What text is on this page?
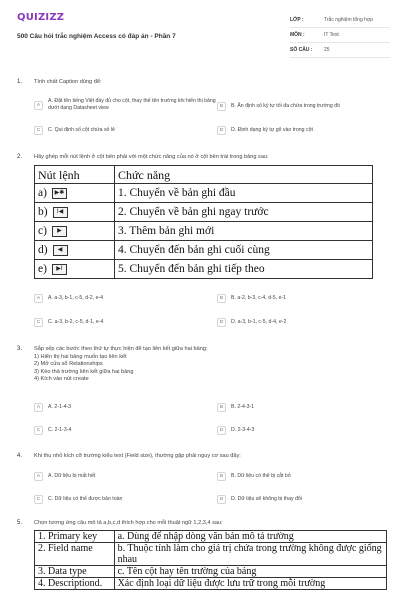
QUIZIZZ
500 Câu hỏi trắc nghiệm Access có đáp án - Phần 7
LỚP :	Trắc nghiệm tổng hợp
MÔN :	IT Test
SỐ CÂU :	25
1. Tính chất Caption dùng để:
A
A. Đặt tên tiếng Việt đầy đủ cho cột, thay thế tên trường khi hiển thị bảng dưới dạng Datasheet view	B	B. Ấn định số ký tự tối đa chứa trong trường đó
C	C. Qui định số cột chứa số lẻ	D	D. Định dạng ký tự gõ vào trong cột
2. Hãy ghép mỗi nút lệnh ở cột bên phải với một chức năng của nó ở cột bên trái trong bảng sau:
Nút lệnh	Chức năng

a) ▶✱	1. Chuyển về bản ghi đầu

b) I◀	2. Chuyển về bản ghi ngay trước

c) ▶	3. Thêm bản ghi mới

d) ◀	4. Chuyển đến bản ghi cuối cùng

e) ▶I	5. Chuyển đến bản ghi tiếp theo
A	A. a-3, b-1, c-5, d-2, e-4	B	B. a-2, b-3, c-4, d-5, e-1
C	C. a-3, b-2, c-5, d-1, e-4	D	D. a-3, b-1, c-5, d-4, e-2
3. Sắp xếp các bước theo thứ tự thực hiện để tạo liên kết giữa hai bảng:
1) Hiển thị hai bảng muốn tạo liên kết
2) Mở cửa sổ Relationships
3) Kéo thả trường liên kết giữa hai bảng
4) Kích vào nút create
A	A. 2-1-4-3	B	B. 2-4-3-1
C	C. 2-1-3-4	D	D. 2-3-4-3
4. Khi thu nhỏ kích cỡ trường kiểu text (Field size), thường gặp phải nguy cơ sau đây:
A	A. Dữ liệu bị mất hết	B	B. Dữ liệu có thể bị cắt bỏ
C	C. Dữ liệu có thể được bảo toàn	D	D. Dữ liệu sẽ không bị thay đổi
5. Chọn tương ứng câu mô tả a,b,c,d thích hợp cho mỗi thuật ngữ 1,2,3,4 sau:
1. Primary key	a. Dùng để nhập dòng văn bản mô tả trường
2. Field name	b. Thuộc tính làm cho giá trị chứa trong trường không được giống nhau
3. Data type	c. Tên cột hay tên trường của bảng
4. Descriptiond.	Xác định loại dữ liệu được lưu trữ trong mỗi trường
